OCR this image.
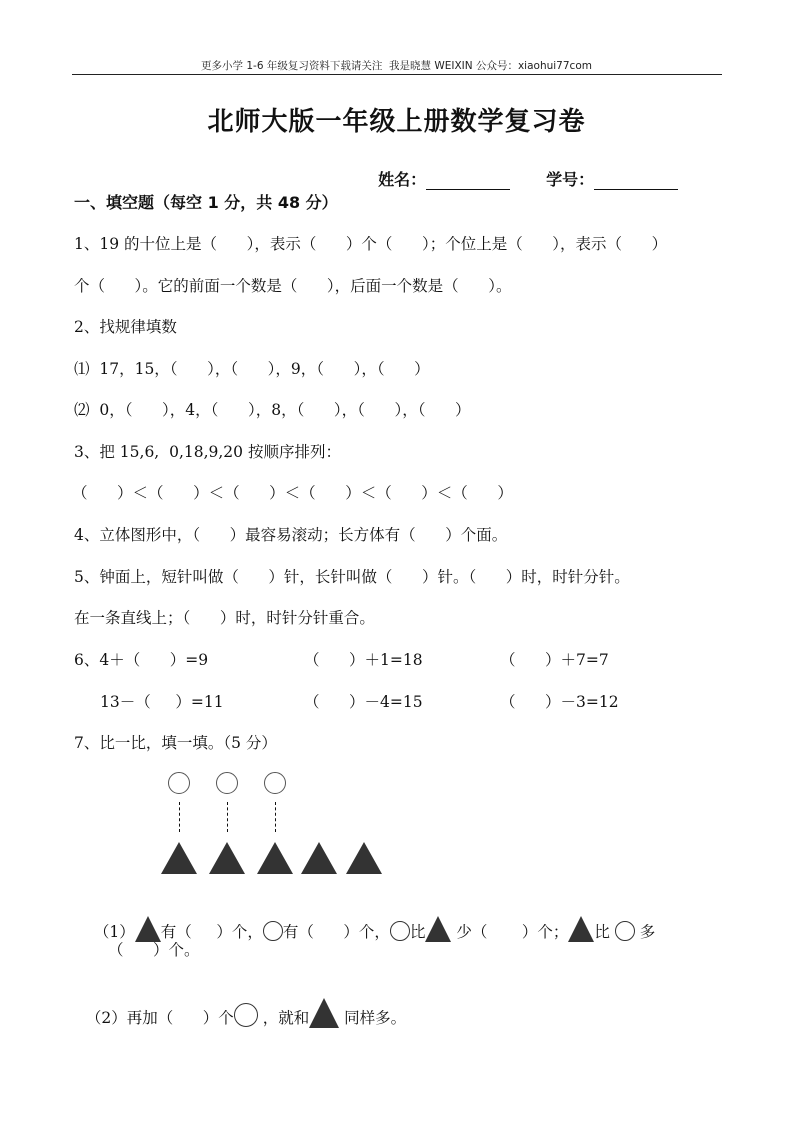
更多小学 1-6 年级复习资料下载请关注  我是晓慧 WEIXIN 公众号：xiaohui77com
北师大版一年级上册数学复习卷

姓名：	学号：

一、填空题（每空 1 分，共 48 分）
1、19 的十位上是（      ），表示（      ）个（      ）；个位上是（      ），表示（      ）
个（      ）。它的前面一个数是（      ），后面一个数是（      ）。
2、找规律填数
⑴  17，15，（      ），（      ），9，（      ），（      ）
⑵  0，（      ），4，（      ），8，（      ），（      ），（      ）
3、把 15,6,  0,18,9,20 按顺序排列：
（      ）＜（      ）＜（      ）＜（      ）＜（      ）＜（      ）
4、立体图形中，（      ）最容易滚动；长方体有（      ）个面。
5、钟面上，短针叫做（      ）针，长针叫做（      ）针。（      ）时，时针分针。
在一条直线上；（      ）时，时针分针重合。
6、4＋（      ）=9	（      ）＋1=18	（      ）＋7=7
13－（     ）=11	（      ）－4=15	（      ）－3=12
7、比一比，填一填。（5 分）

（1） 有（     ）个， 有（      ）个， 比 少（       ）个； 比  多

（      ）个。

（2）再加（      ）个 ，就和 同样多。
